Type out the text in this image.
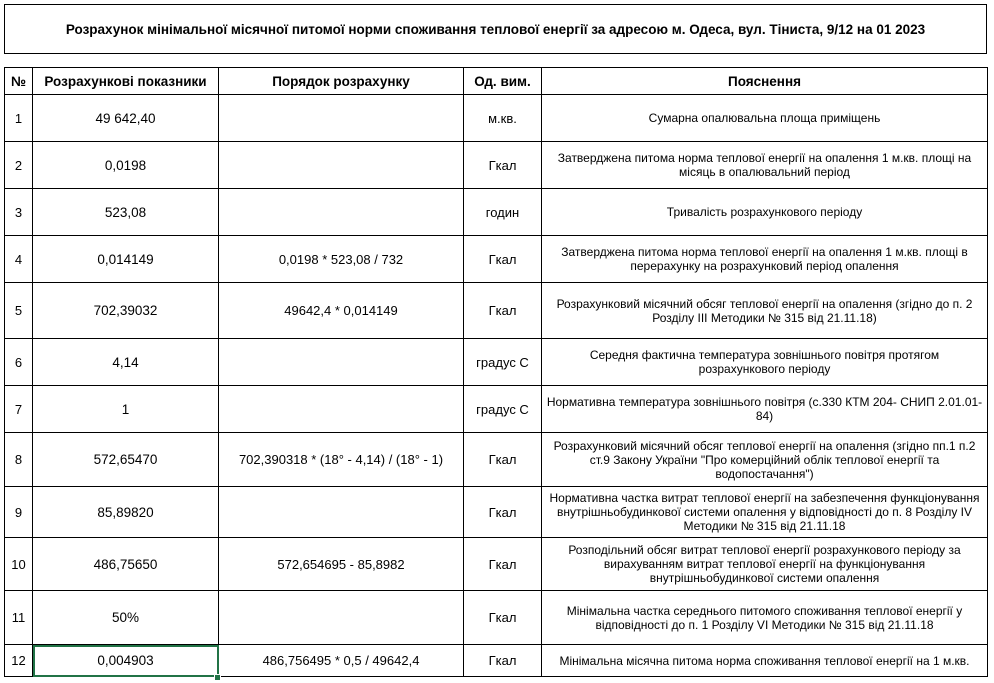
Розрахунок мінімальної місячної питомої норми споживання теплової енергії за адресою м. Одеса, вул. Тіниста, 9/12 на 01 2023
№	Розрахункові показники	Порядок розрахунку	Од. вим.	Пояснення
1	49 642,40		м.кв.	Сумарна опалювальна площа приміщень
2	0,0198		Гкал	Затверджена питома норма теплової енергії на опалення 1 м.кв. площі на місяць в опалювальний період
3	523,08		годин	Тривалість розрахункового періоду
4	0,014149	0,0198 * 523,08 / 732	Гкал	Затверджена питома норма теплової енергії на опалення 1 м.кв. площі в перерахунку на розрахунковий період опалення
5	702,39032	49642,4 * 0,014149	Гкал	Розрахунковий місячний обсяг теплової енергії на опалення (згідно до п. 2 Розділу ІІІ Методики № 315 від 21.11.18)
6	4,14		градус С	Середня фактична температура зовнішнього повітря протягом розрахункового періоду
7	1		градус С	Нормативна температура зовнішнього повітря (с.330 КТМ 204- СНИП 2.01.01-84)
8	572,65470	702,390318 * (18° - 4,14) / (18° - 1)	Гкал	Розрахунковий місячний обсяг теплової енергії на опалення (згідно пп.1 п.2 ст.9 Закону України "Про комерційний облік теплової енергії та водопостачання")
9	85,89820		Гкал	Нормативна частка витрат теплової енергії на забезпечення функціонування внутрішньобудинкової системи опалення у відповідності до п. 8 Розділу IV Методики № 315 від 21.11.18
10	486,75650	572,654695 - 85,8982	Гкал	Розподільний обсяг витрат теплової енергії розрахункового періоду за вирахуванням витрат теплової енергії на функціонування внутрішньобудинкової системи опалення
11	50%		Гкал	Мінімальна частка середнього питомого споживання теплової енергії у відповідності до п. 1 Розділу VI Методики № 315 від 21.11.18
12	0,004903	486,756495 * 0,5 / 49642,4	Гкал	Мінімальна місячна питома норма споживання теплової енергії на 1 м.кв.
